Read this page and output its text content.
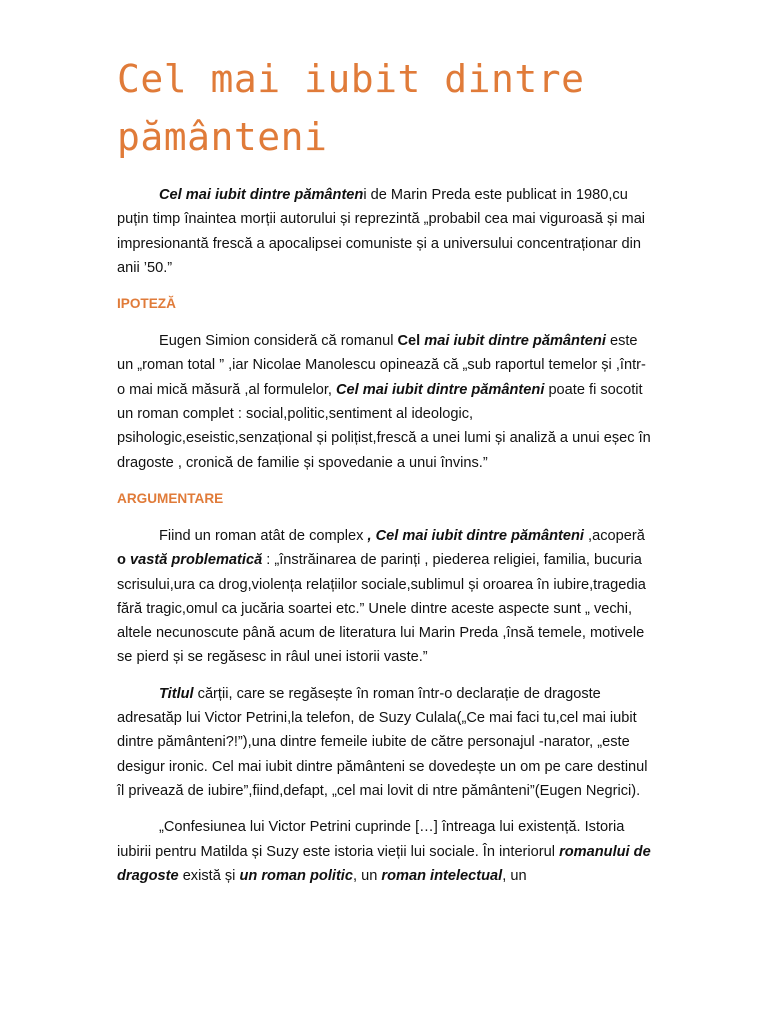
Cel mai iubit dintre pământeni

Cel mai iubit dintre pământeni de Marin Preda este publicat in 1980,cu puțin timp înaintea morții autorului și reprezintă „probabil cea mai viguroasă și mai impresionantă frescă a apocalipsei comuniste și a universului concentraționar din anii ’50.”

IPOTEZĂ

Eugen Simion consideră că romanul Cel mai iubit dintre pământeni este un „roman total ” ,iar Nicolae Manolescu opinează că „sub raportul temelor și ,într-o mai mică măsură ,al formulelor, Cel mai iubit dintre pământeni poate fi socotit un roman complet : social,politic,sentiment al ideologic, psihologic,eseistic,senzațional și polițist,frescă a unei lumi și analiză a unui eșec în dragoste , cronică de familie și spovedanie a unui învins.”

ARGUMENTARE

Fiind un roman atât de complex , Cel mai iubit dintre pământeni ,acoperă o vastă problematică : „înstrăinarea de parinți , piederea religiei, familia, bucuria scrisului,ura ca drog,violența relațiilor sociale,sublimul și oroarea în iubire,tragedia fără tragic,omul ca jucăria soartei etc.” Unele dintre aceste aspecte sunt „ vechi, altele necunoscute până acum de literatura lui Marin Preda ,însă temele, motivele se pierd și se regăsesc in râul unei istorii vaste.”

Titlul cărții, care se regăsește în roman într-o declarație de dragoste adresatăp lui Victor Petrini,la telefon, de Suzy Culala(„Ce mai faci tu,cel mai iubit dintre pământeni?!”),una dintre femeile iubite de către personajul -narator, „este desigur ironic. Cel mai iubit dintre pământeni se dovedește un om pe care destinul îl privează de iubire”,fiind,defapt, „cel mai lovit di ntre pământeni”(Eugen Negrici).

„Confesiunea lui Victor Petrini cuprinde […] întreaga lui existență. Istoria iubirii pentru Matilda și Suzy este istoria vieții lui sociale. În interiorul romanului de dragoste există și un roman politic, un roman intelectual, un
